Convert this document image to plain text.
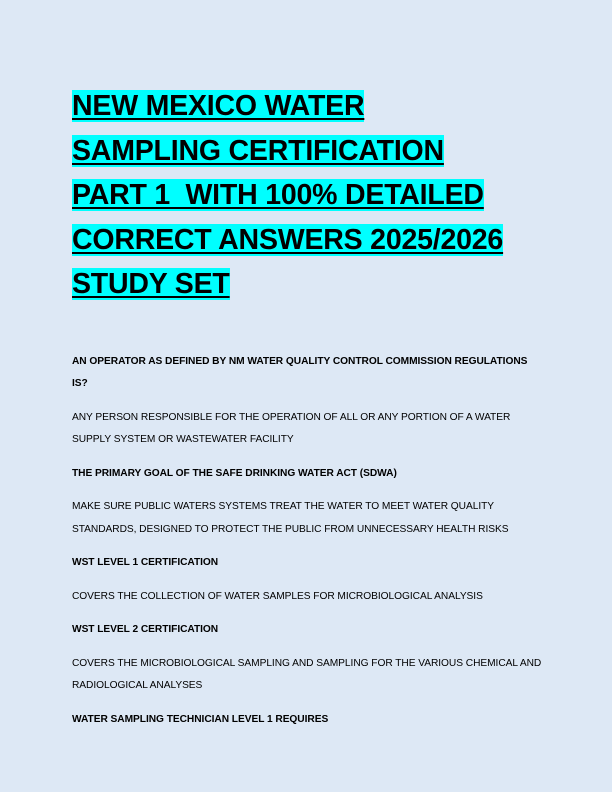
NEW MEXICO WATER
SAMPLING CERTIFICATION
PART 1  WITH 100% DETAILED
CORRECT ANSWERS 2025/2026
STUDY SET

AN OPERATOR AS DEFINED BY NM WATER QUALITY CONTROL COMMISSION REGULATIONS IS?

ANY PERSON RESPONSIBLE FOR THE OPERATION OF ALL OR ANY PORTION OF A WATER SUPPLY SYSTEM OR WASTEWATER FACILITY

THE PRIMARY GOAL OF THE SAFE DRINKING WATER ACT (SDWA)

MAKE SURE PUBLIC WATERS SYSTEMS TREAT THE WATER TO MEET WATER QUALITY STANDARDS, DESIGNED TO PROTECT THE PUBLIC FROM UNNECESSARY HEALTH RISKS

WST LEVEL 1 CERTIFICATION

COVERS THE COLLECTION OF WATER SAMPLES FOR MICROBIOLOGICAL ANALYSIS

WST LEVEL 2 CERTIFICATION

COVERS THE MICROBIOLOGICAL SAMPLING AND SAMPLING FOR THE VARIOUS CHEMICAL AND RADIOLOGICAL ANALYSES

WATER SAMPLING TECHNICIAN LEVEL 1 REQUIRES
